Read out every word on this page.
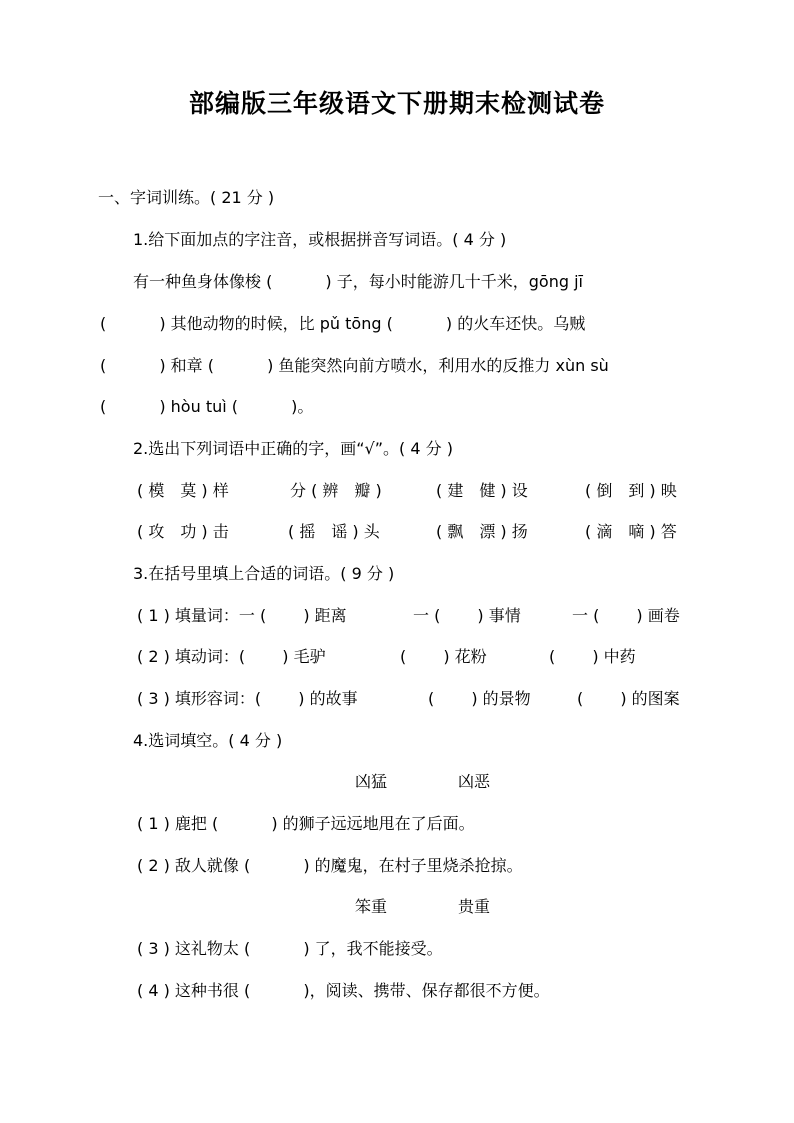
部编版三年级语文下册期末检测试卷
一、字词训练。( 21 分 )
1.给下面加点的字注音，或根据拼音写词语。( 4 分 )
有一种鱼身体像梭 (　　　 ) 子，每小时能游几十千米，gōng jī
(　　　 ) 其他动物的时候，比 pǔ tōng (　　　 ) 的火车还快。乌贼
(　　　 ) 和章 (　　　 ) 鱼能突然向前方喷水，利用水的反推力 xùn sù
(　　　 ) hòu tuì (　　　 )。
2.选出下列词语中正确的字，画“√”。( 4 分 )
( 模　莫 ) 样	分 ( 辨　瓣 )	( 建　健 ) 设	( 倒　到 ) 映
( 攻　功 ) 击	( 摇　谣 ) 头	( 飘　漂 ) 扬	( 滴　嘀 ) 答
3.在括号里填上合适的词语。( 9 分 )
( 1 ) 填量词：一 (　　 ) 距离	一 (　　 ) 事情	一 (　　 ) 画卷
( 2 ) 填动词：(　　 ) 毛驴	(　　 ) 花粉	(　　 ) 中药
( 3 ) 填形容词：(　　 ) 的故事	(　　 ) 的景物	(　　 ) 的图案
4.选词填空。( 4 分 )
凶猛	凶恶
( 1 ) 鹿把 (　　　 ) 的狮子远远地甩在了后面。
( 2 ) 敌人就像 (　　　 ) 的魔鬼，在村子里烧杀抢掠。
笨重	贵重
( 3 ) 这礼物太 (　　　 ) 了，我不能接受。
( 4 ) 这种书很 (　　　 )，阅读、携带、保存都很不方便。
